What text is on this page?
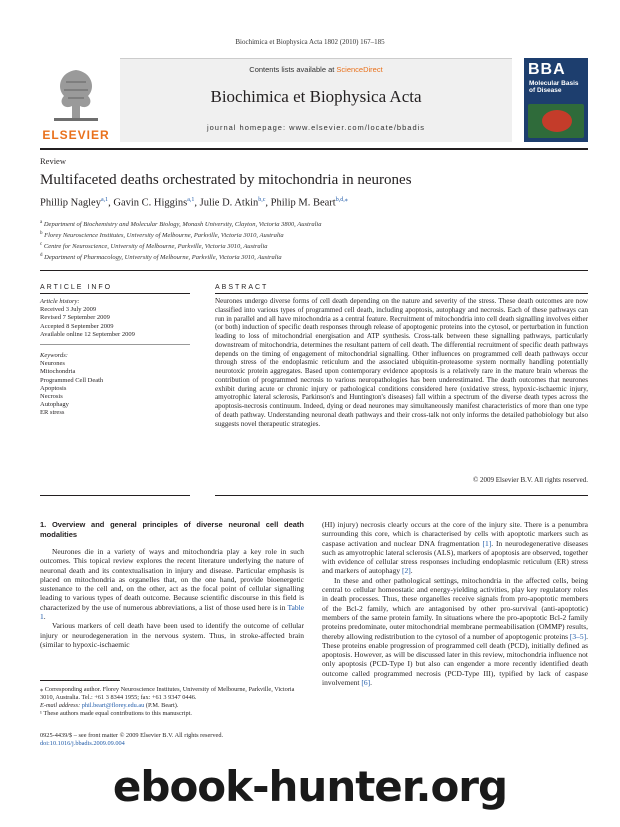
Biochimica et Biophysica Acta 1802 (2010) 167–185
ELSEVIER
Contents lists available at ScienceDirect
Biochimica et Biophysica Acta
journal homepage: www.elsevier.com/locate/bbadis
BBA
Molecular Basis of Disease
Review
Multifaceted deaths orchestrated by mitochondria in neurones
Phillip Nagley$^{a,1}$, Gavin C. Higgins$^{a,1}$, Julie D. Atkin$^{b,c}$, Philip M. Beart$^{b,d,⁎}$
$^a$ Department of Biochemistry and Molecular Biology, Monash University, Clayton, Victoria 3800, Australia
$^b$ Florey Neuroscience Institutes, University of Melbourne, Parkville, Victoria 3010, Australia
$^c$ Centre for Neuroscience, University of Melbourne, Parkville, Victoria 3010, Australia
$^d$ Department of Pharmacology, University of Melbourne, Parkville, Victoria 3010, Australia
ARTICLE INFO	ABSTRACT
Article history:
Received 3 July 2009
Revised 7 September 2009
Accepted 8 September 2009
Available online 12 September 2009
Keywords:
Neurones
Mitochondria
Programmed Cell Death
Apoptosis
Necrosis
Autophagy
ER stress
Neurones undergo diverse forms of cell death depending on the nature and severity of the stress. These death outcomes are now classified into various types of programmed cell death, including apoptosis, autophagy and necrosis. Each of these pathways can run in parallel and all have mitochondria as a central feature. Recruitment of mitochondria into cell death signalling involves either (or both) induction of specific death responses through release of apoptogenic proteins into the cytosol, or perturbation in function leading to loss of mitochondrial energisation and ATP synthesis. Cross-talk between these signalling pathways, particularly downstream of mitochondria, determines the resultant pattern of cell death. The differential recruitment of specific death pathways depends on the timing of engagement of mitochondrial signalling. Other influences on programmed cell death pathways occur through stress of the endoplasmic reticulum and the associated ubiquitin-proteasome system normally handling potentially neurotoxic protein aggregates. Based upon contemporary evidence apoptosis is a relatively rare in the mature brain whereas the contribution of programmed necrosis to various neuropathologies has been underestimated. The death outcomes that neurones exhibit during acute or chronic injury or pathological conditions considered here (oxidative stress, hypoxic-ischaemic injury, amyotrophic lateral sclerosis, Parkinson's and Huntington's diseases) fall within a spectrum of the diverse death types across the apoptosis-necrosis continuum. Indeed, dying or dead neurones may simultaneously manifest characteristics of more than one type of death pathway. Understanding neuronal death pathways and their cross-talk not only informs the detailed pathobiology but also suggests novel therapeutic strategies.
© 2009 Elsevier B.V. All rights reserved.
1. Overview and general principles of diverse neuronal cell death modalities

Neurones die in a variety of ways and mitochondria play a key role in such outcomes. This topical review explores the recent literature underlying the nature of neuronal death and its contextualisation in injury and disease. Particular emphasis is placed on mitochondria as organelles that, on the one hand, provide bioenergetic sustenance to the cell and, on the other, act as the focal point of cellular signalling leading to various types of death outcome. Because scientific discourse in this field is characterized by the use of numerous abbreviations, a list of those used here is in Table 1.

Various markers of cell death have been used to identify the outcome of cellular injury or neurodegeneration in the nervous system. Thus, in stroke-affected brain (similar to hypoxic-ischaemic

(HI) injury) necrosis clearly occurs at the core of the injury site. There is a penumbra surrounding this core, which is characterised by cells with apoptotic markers such as caspase activation and nuclear DNA fragmentation [1]. In neurodegenerative diseases such as amyotrophic lateral sclerosis (ALS), markers of apoptosis are observed, together with evidence of cellular stress responses including endoplasmic reticulum (ER) stress and markers of autophagy [2].

In these and other pathological settings, mitochondria in the affected cells, being central to cellular homeostatic and energy-yielding activities, play key regulatory roles in death processes. Thus, these organelles receive signals from pro-apoptotic members of the Bcl-2 family, which are antagonised by other pro-survival (anti-apoptotic) members of the same protein family. In situations where the pro-apoptotic Bcl-2 family proteins predominate, outer mitochondrial membrane permeabilisation (OMMP) results, thereby allowing redistribution to the cytosol of a number of apoptogenic proteins [3–5]. These proteins enable progression of programmed cell death (PCD), initially defined as apoptosis. However, as will be discussed later in this review, mitochondria influence not only apoptosis (PCD-Type I) but also can engender a more recently identified death outcome called programmed necrosis (PCD-Type III), typified by lack of caspase involvement [6].

⁎ Corresponding author. Florey Neuroscience Institutes, University of Melbourne, Parkville, Victoria 3010, Australia. Tel.: +61 3 8344 1955; fax: +61 3 9347 0446.
E-mail address: phil.beart@florey.edu.au (P.M. Beart).
¹ These authors made equal contributions to this manuscript.
0925-4439/$ – see front matter © 2009 Elsevier B.V. All rights reserved.
doi:10.1016/j.bbadis.2009.09.004
ebook-hunter.org
